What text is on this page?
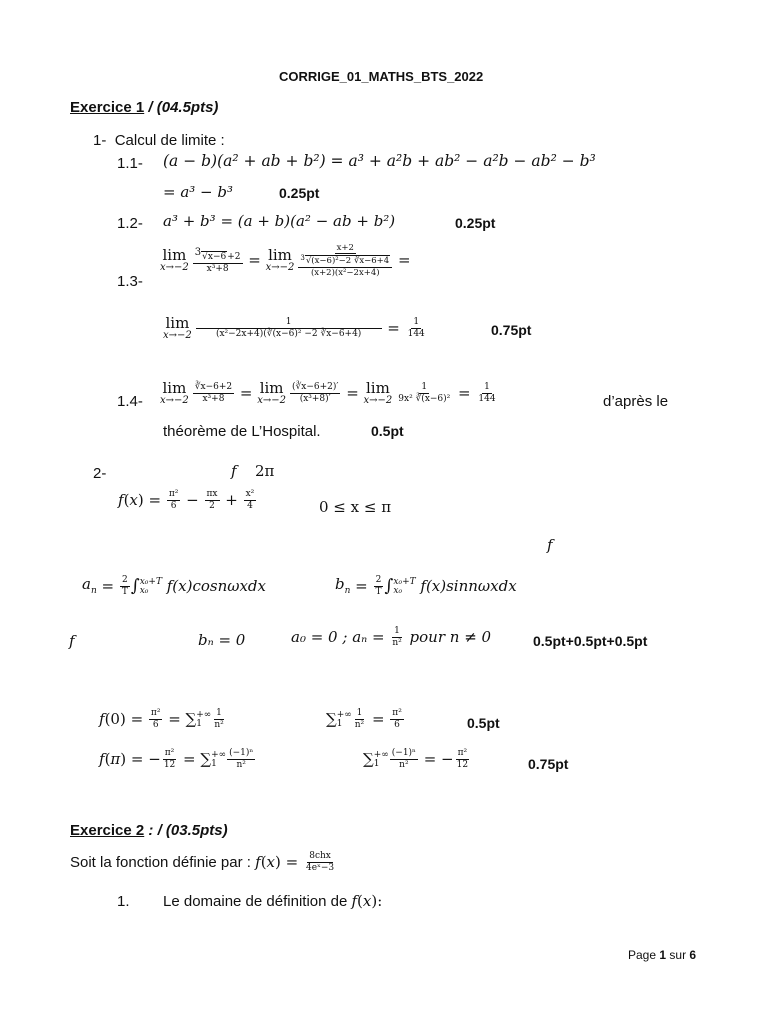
CORRIGE_01_MATHS_BTS_2022
Exercice 1 / (04.5pts)
1- Calcul de limite :
1.1- (a − b)(a² + ab + b²) = a³ + a²b + ab² − a²b − ab² − b³
= a³ − b³	0.25pt
1.2- a³ + b³ = (a + b)(a² − ab + b²)	0.25pt
1.3-
lim
$x\to-2 \frac{^3√x-6+2}{\text{x³+8}} = \lim$
$x\to-2 \frac{\frac{x+2}{^3√(x-6)^2-2 ∛x-6+4}}{\text{(x+2)(x²−2x+4)}}$ =
lim
$x\to-2 \frac{1}{\text{(x²−2x+4)(∛(x−6)² −2 ∛x−6+4)}} = \frac{1}{144}$	0.75pt
1.4-
lim
$x\to-2 \frac{∛x-6+2}{\text{x³+8}} = \lim$
$x\to-2 \frac{(∛x-6+2)'}{\text{(x³+8)′}} = \lim$
$x\to-2 \frac{1}{\text{9x² ∛(x−6)²}} = \frac{1}{144}$	d’après le
théorème de L’Hospital.	0.5pt
2-	f 2π
f ( x ) = $\frac{\text{π²}}{6} - \frac{\pi x}{2} + \frac{\text{x²}}{4}$	0 ≤ x ≤ π
f
$a_n = \frac{2}{T}$ ∫ x₀+T
x₀ f(x)cosnωxdx	$b_n = \frac{2}{T}$ ∫ x₀+T
x₀ f(x)sinnωxdx
f	bₙ = 0	a₀ = 0 ; aₙ =
$\frac{1}{\text{n²}}$
pour n ≠ 0	0.5pt+0.5pt+0.5pt
f $(0) = \frac{\text{π²}}{6}$ = ∑ +∞
1	$\frac{1}{\text{n²}}$	∑ +∞
1	$\frac{1}{\text{n²}} = \frac{\text{π²}}{6}$	0.5pt
f ( π ) = − $\frac{\text{π²}}{12}$ = ∑ +∞
1	$\frac{\text{(−1)ⁿ}}{\text{n²}}$	∑ +∞
1	$\frac{\text{(−1)ⁿ}}{\text{n²}}$ = − $\frac{\text{π²}}{12}$	0.75pt
Exercice 2 : / (03.5pts)
Soit la fonction définie par :
f ( x ) = $\frac{\text{8chx}}{\text{4eˣ−3}}$
1. Le domaine de définition de f(x):
Page 1 sur 6
